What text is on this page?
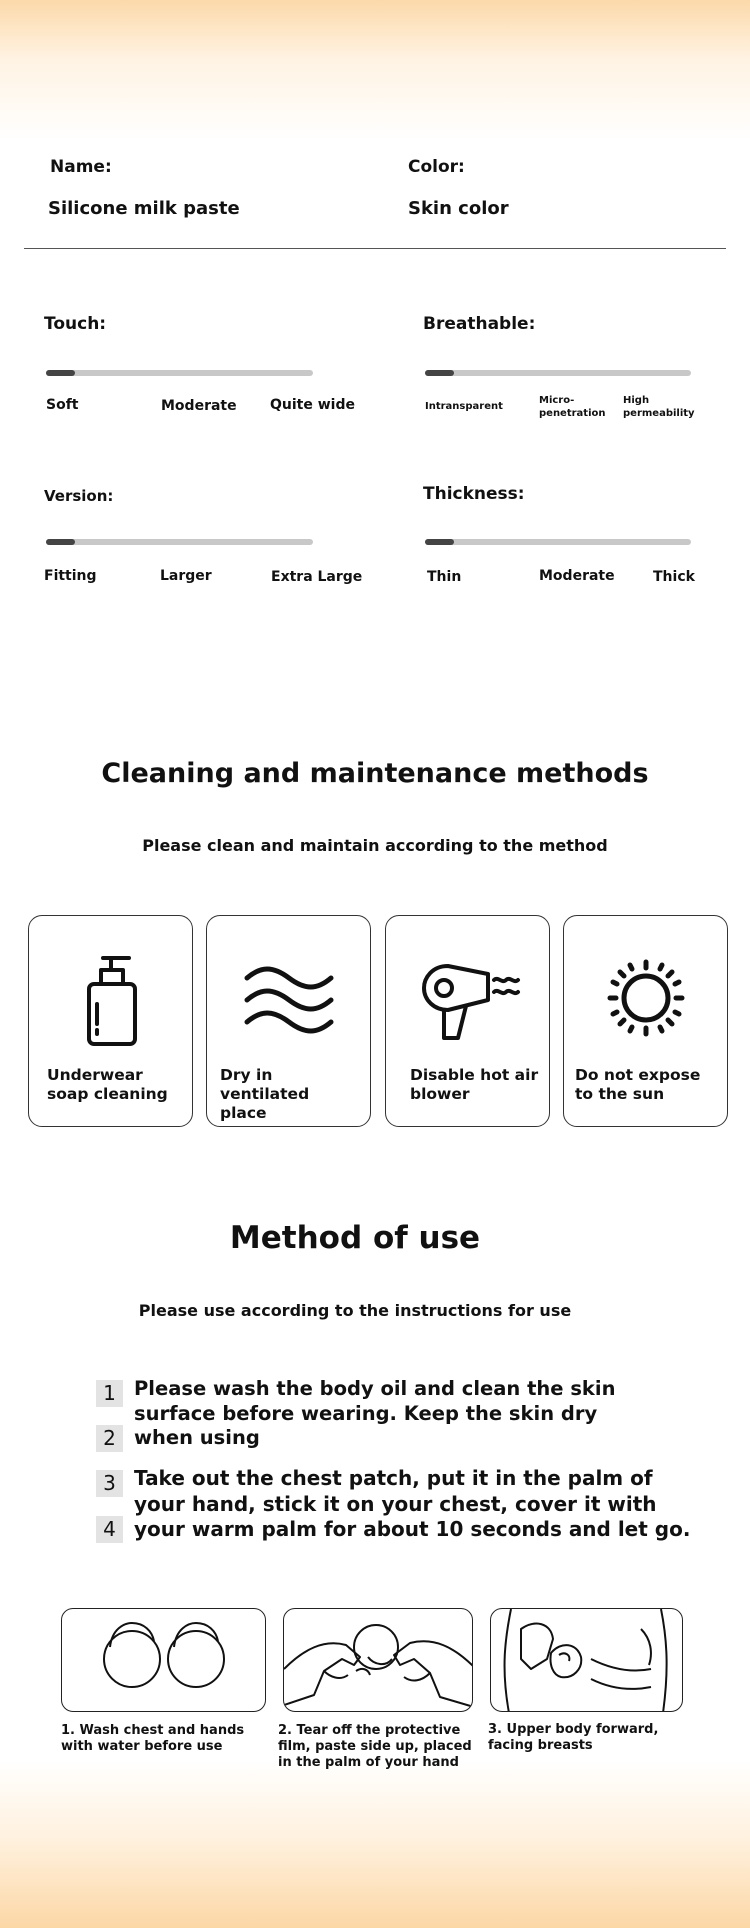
Name:
Silicone milk paste
Color:
Skin color
Touch:
Soft	Moderate Quite wide
Breathable:
Intransparent
Micro-
penetration
High
permeability
Version:
Fitting	Larger	Extra Large
Thickness:
Thin	Moderate	Thick
Cleaning and maintenance methods
Please clean and maintain according to the method
Underwear soap cleaning
Dry in ventilated place
Disable hot air blower
Do not expose to the sun
Method of use
Please use according to the instructions for use
1
2
Please wash the body oil and clean the skin surface before wearing. Keep the skin dry when using
3
4
Take out the chest patch, put it in the palm of your hand, stick it on your chest, cover it with your warm palm for about 10 seconds and let go.
1. Wash chest and hands with water before use
2. Tear off the protective film, paste side up, placed in the palm of your hand
3. Upper body forward, facing breasts
